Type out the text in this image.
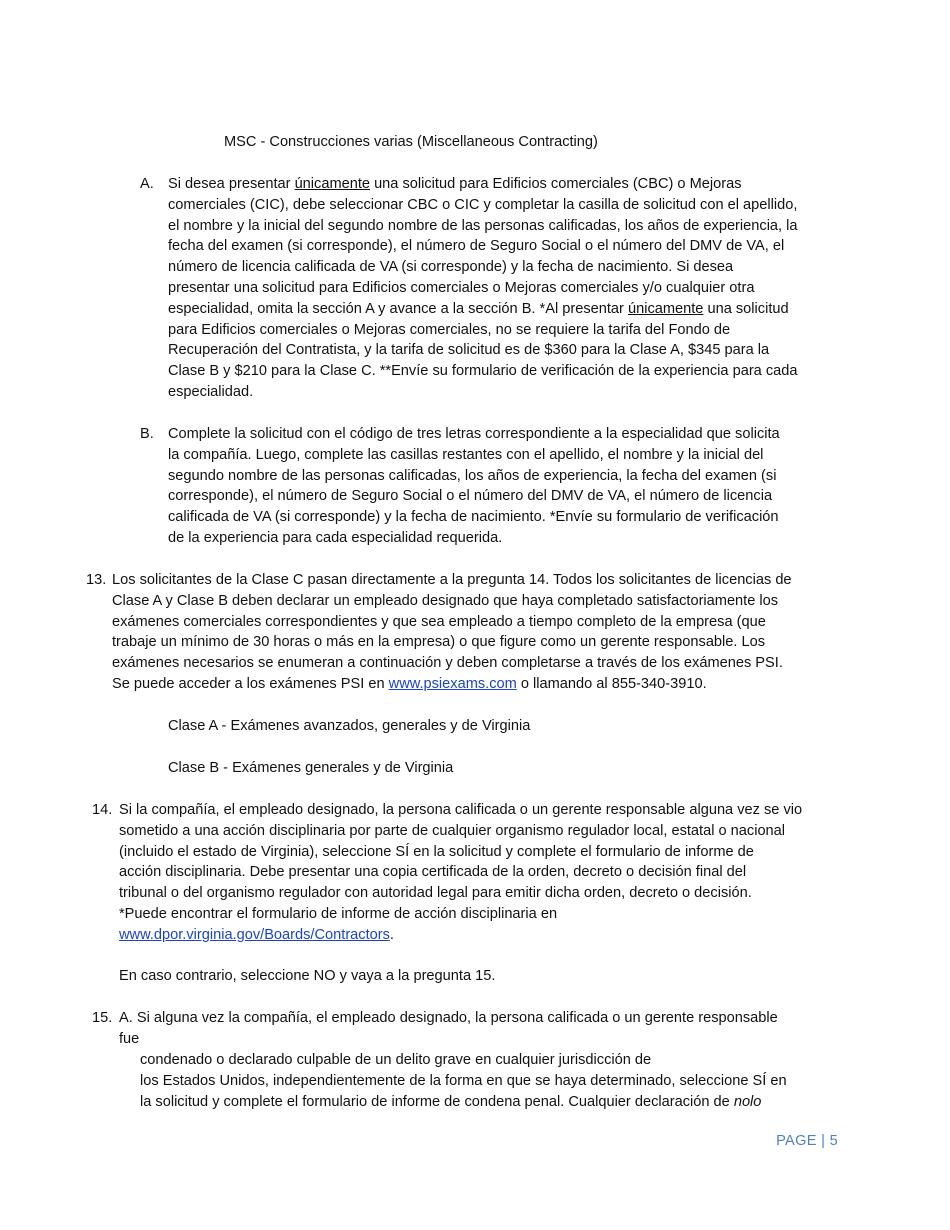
MSC - Construcciones varias (Miscellaneous Contracting)
A. Si desea presentar únicamente una solicitud para Edificios comerciales (CBC) o Mejoras
comerciales (CIC), debe seleccionar CBC o CIC y completar la casilla de solicitud con el apellido,
el nombre y la inicial del segundo nombre de las personas calificadas, los años de experiencia, la
fecha del examen (si corresponde), el número de Seguro Social o el número del DMV de VA, el
número de licencia calificada de VA (si corresponde) y la fecha de nacimiento. Si desea
presentar una solicitud para Edificios comerciales o Mejoras comerciales y/o cualquier otra
especialidad, omita la sección A y avance a la sección B. *Al presentar únicamente una solicitud
para Edificios comerciales o Mejoras comerciales, no se requiere la tarifa del Fondo de
Recuperación del Contratista, y la tarifa de solicitud es de $360 para la Clase A, $345 para la
Clase B y $210 para la Clase C. **Envíe su formulario de verificación de la experiencia para cada
especialidad.
B. Complete la solicitud con el código de tres letras correspondiente a la especialidad que solicita
la compañía. Luego, complete las casillas restantes con el apellido, el nombre y la inicial del
segundo nombre de las personas calificadas, los años de experiencia, la fecha del examen (si
corresponde), el número de Seguro Social o el número del DMV de VA, el número de licencia
calificada de VA (si corresponde) y la fecha de nacimiento. *Envíe su formulario de verificación
de la experiencia para cada especialidad requerida.
13. Los solicitantes de la Clase C pasan directamente a la pregunta 14. Todos los solicitantes de licencias de
Clase A y Clase B deben declarar un empleado designado que haya completado satisfactoriamente los
exámenes comerciales correspondientes y que sea empleado a tiempo completo de la empresa (que
trabaje un mínimo de 30 horas o más en la empresa) o que figure como un gerente responsable. Los
exámenes necesarios se enumeran a continuación y deben completarse a través de los exámenes PSI.
Se puede acceder a los exámenes PSI en www.psiexams.com o llamando al 855-340-3910.
Clase A - Exámenes avanzados, generales y de Virginia
Clase B - Exámenes generales y de Virginia
14. Si la compañía, el empleado designado, la persona calificada o un gerente responsable alguna vez se vio
sometido a una acción disciplinaria por parte de cualquier organismo regulador local, estatal o nacional
(incluido el estado de Virginia), seleccione SÍ en la solicitud y complete el formulario de informe de
acción disciplinaria. Debe presentar una copia certificada de la orden, decreto o decisión final del
tribunal o del organismo regulador con autoridad legal para emitir dicha orden, decreto o decisión.
*Puede encontrar el formulario de informe de acción disciplinaria en
www.dpor.virginia.gov/Boards/Contractors.
En caso contrario, seleccione NO y vaya a la pregunta 15.
15. A. Si alguna vez la compañía, el empleado designado, la persona calificada o un gerente responsable
fue
condenado o declarado culpable de un delito grave en cualquier jurisdicción de
los Estados Unidos, independientemente de la forma en que se haya determinado, seleccione SÍ en
la solicitud y complete el formulario de informe de condena penal. Cualquier declaración de nolo
PAGE | 5
